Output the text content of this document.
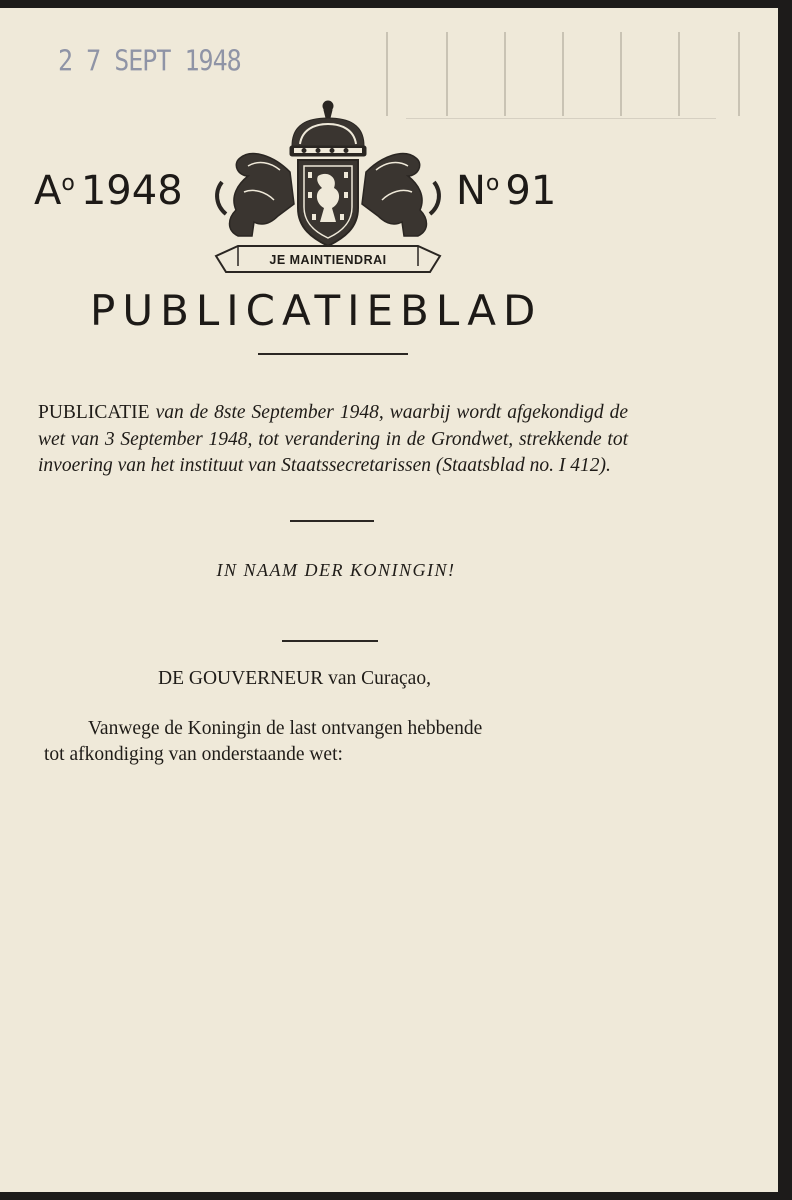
2 7 SEPT 1948
$A^o$ 1948
JE MAINTIENDRAI
$N^o$ 91
PUBLICATIEBLAD
PUBLICATIE van de 8ste September 1948, waarbij wordt afgekondigd de wet van 3 September 1948, tot verandering in de Grondwet, strekkende tot invoering van het instituut van Staatssecretarissen (Staatsblad no. I 412).
IN NAAM DER KONINGIN!
DE GOUVERNEUR van Curaçao,
Vanwege de Koningin de last ontvangen hebbende
tot afkondiging van onderstaande wet:
